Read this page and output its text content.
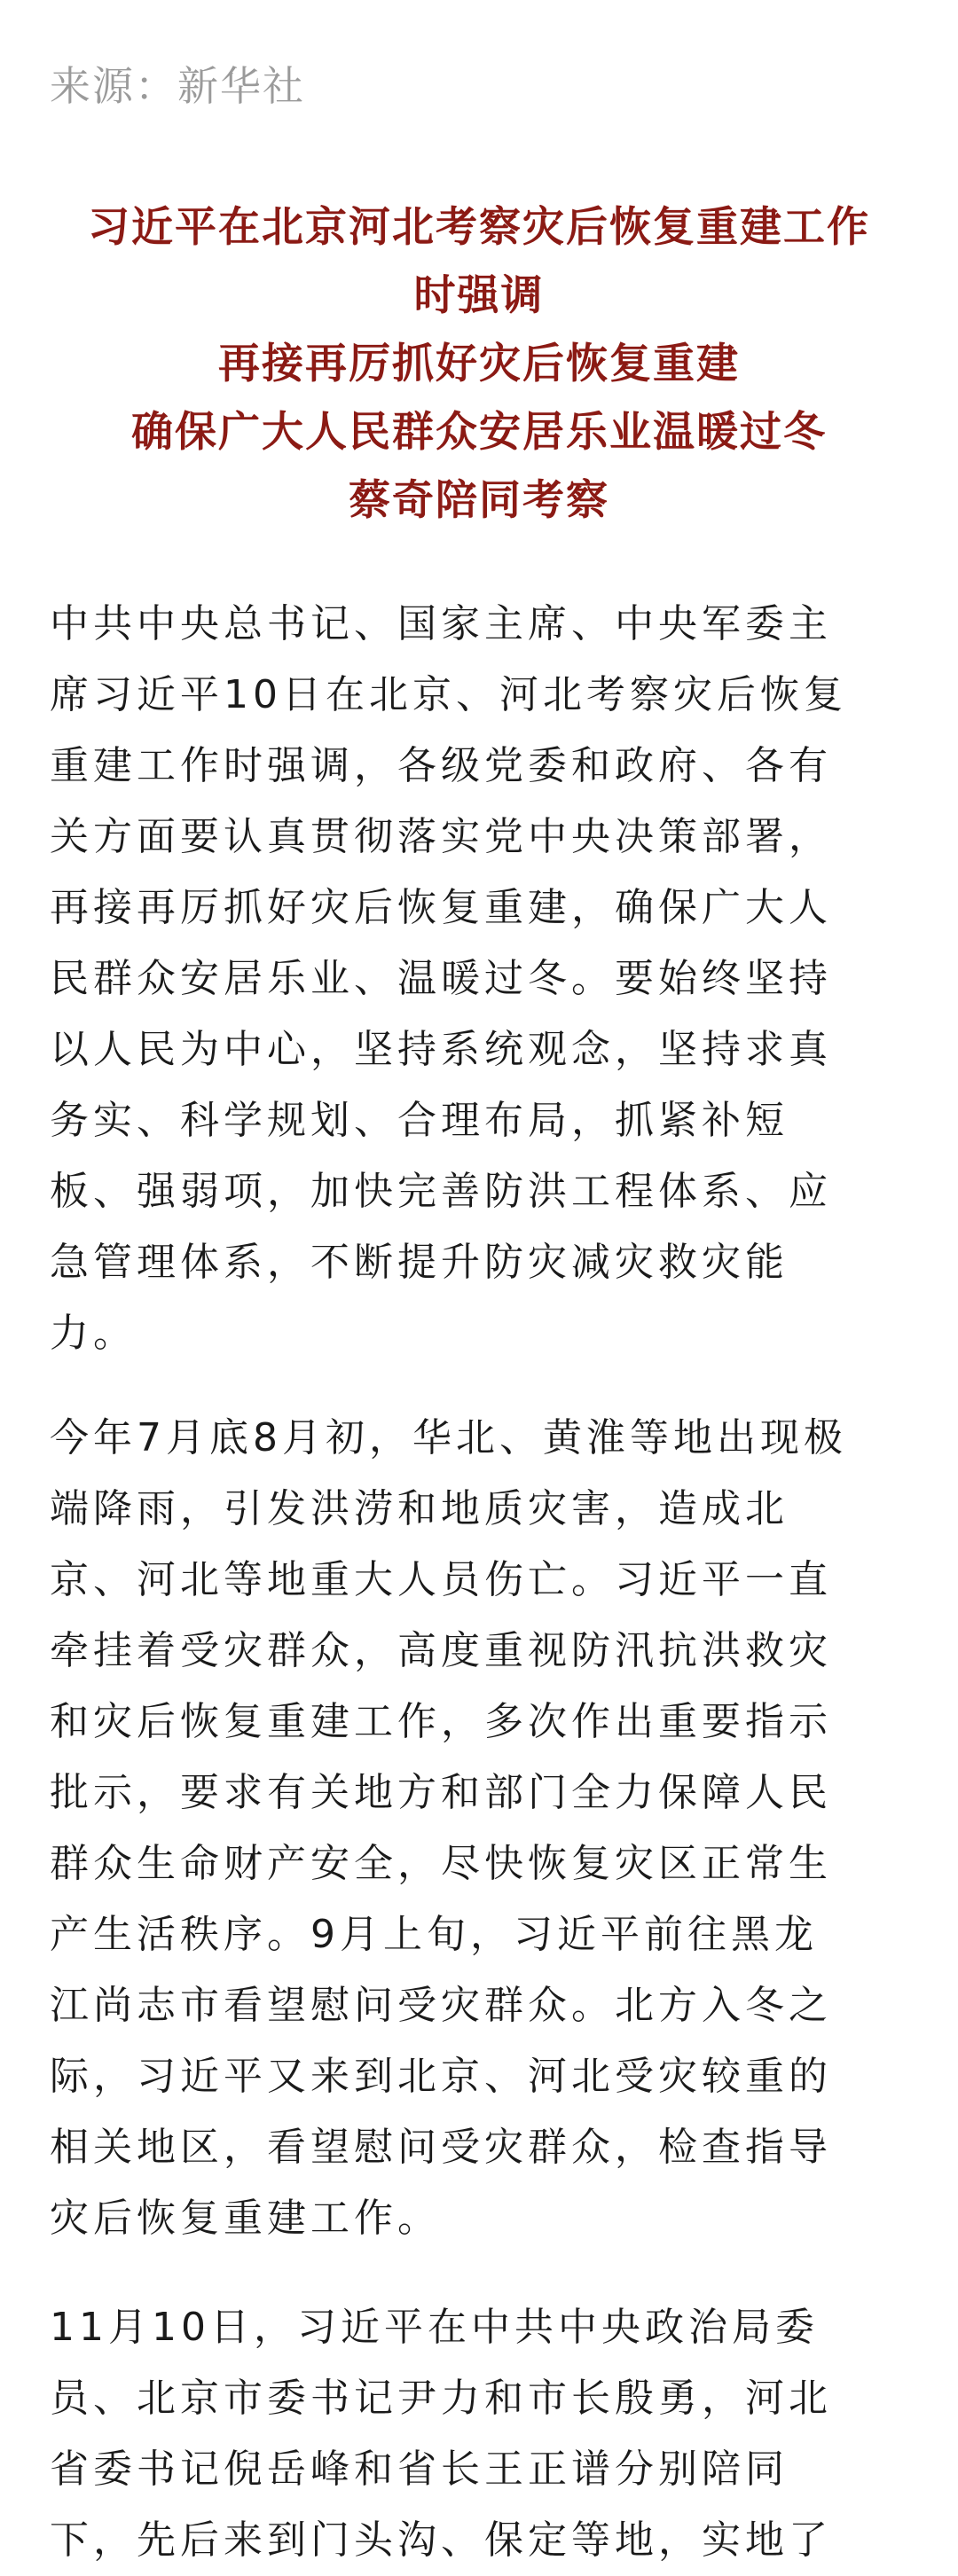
来源：新华社
习近平在北京河北考察灾后恢复重建工作
时强调
再接再厉抓好灾后恢复重建
确保广大人民群众安居乐业温暖过冬
蔡奇陪同考察
中共中央总书记、国家主席、中央军委主
席习近平10日在北京、河北考察灾后恢复
重建工作时强调，各级党委和政府、各有
关方面要认真贯彻落实党中央决策部署，
再接再厉抓好灾后恢复重建，确保广大人
民群众安居乐业、温暖过冬。要始终坚持
以人民为中心，坚持系统观念，坚持求真
务实、科学规划、合理布局，抓紧补短
板、强弱项，加快完善防洪工程体系、应
急管理体系，不断提升防灾减灾救灾能
力。
今年7月底8月初，华北、黄淮等地出现极
端降雨，引发洪涝和地质灾害，造成北
京、河北等地重大人员伤亡。习近平一直
牵挂着受灾群众，高度重视防汛抗洪救灾
和灾后恢复重建工作，多次作出重要指示
批示，要求有关地方和部门全力保障人民
群众生命财产安全，尽快恢复灾区正常生
产生活秩序。9月上旬，习近平前往黑龙
江尚志市看望慰问受灾群众。北方入冬之
际，习近平又来到北京、河北受灾较重的
相关地区，看望慰问受灾群众，检查指导
灾后恢复重建工作。
11月10日，习近平在中共中央政治局委
员、北京市委书记尹力和市长殷勇，河北
省委书记倪岳峰和省长王正谱分别陪同
下，先后来到门头沟、保定等地，实地了
